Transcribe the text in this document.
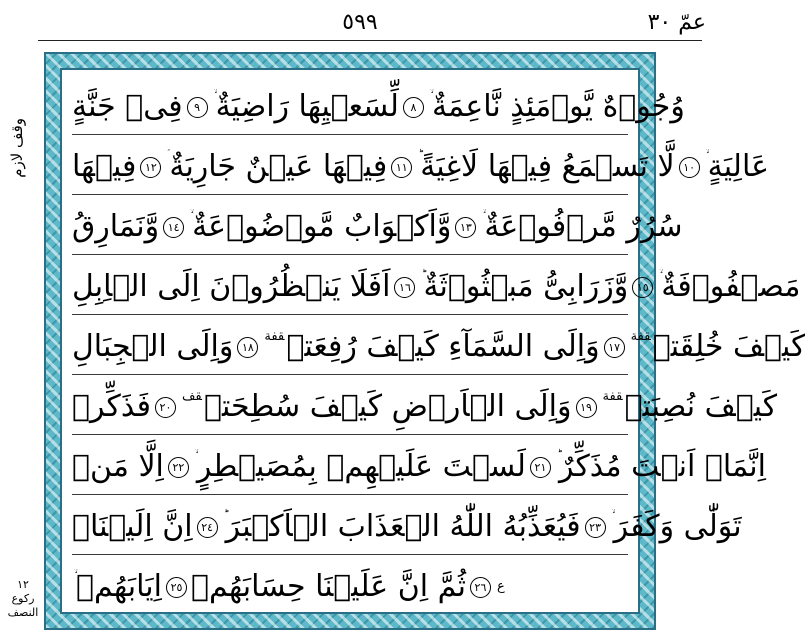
عمّ ٣٠
٥٩٩
وقف لازم
١٢
ركوع
النصف
فِىۡ جَنَّةٍ	٩ لِّسَعۡيِهَا رَاضِيَةٌ	٨ وُجُوۡهٌ يَّوۡمَئِذٍ نَّاعِمَةٌ
فِيۡهَا ١٢ فِيۡهَا عَيۡنٌ جَارِيَةٌ ١١ لَّا تَسۡمَعُ فِيۡهَا لَاغِيَةً ١٠ عَالِيَةٍ
وَّنَمَارِقُ ١٤ وَّاَكۡوَابٌ مَّوۡضُوۡعَةٌ ١٣ سُرُرٌ مَّرۡفُوۡعَةٌ
اَفَلَا يَنۡظُرُوۡنَ اِلَى الۡاِبِلِ ١٦ وَّزَرَابِىُّ مَبۡثُوۡثَةٌ ١٥ مَصۡفُوۡفَةٌ
وَاِلَى الۡجِبَالِ ١٨	وَاِلَى السَّمَآءِ كَيۡفَ رُفِعَتۡ$^{قفة}$
١٧	كَيۡفَ خُلِقَتۡ$^{قفة}$
فَذَكِّرۡ ٢٠	وَاِلَى الۡاَرۡضِ كَيۡفَ سُطِحَتۡ$^{قف}$
١٩	كَيۡفَ نُصِبَتۡ$^{قفة}$
اِلَّا مَنۡ ٢٢ لَسۡتَ عَلَيۡهِمۡ بِمُصَيۡطِرٍ ٢١ اِنَّمَاۤ اَنۡتَ مُذَكِّرٌ
اِنَّ اِلَيۡنَاۤ ٢٤ فَيُعَذِّبُهُ اللّٰهُ الۡعَذَابَ الۡاَكۡبَرَ ٢٣ تَوَلّٰى وَكَفَرَ
اِيَابَهُمۡ ٢٥ ثُمَّ اِنَّ عَلَيۡنَا حِسَابَهُمۡ ٢٦ ع
